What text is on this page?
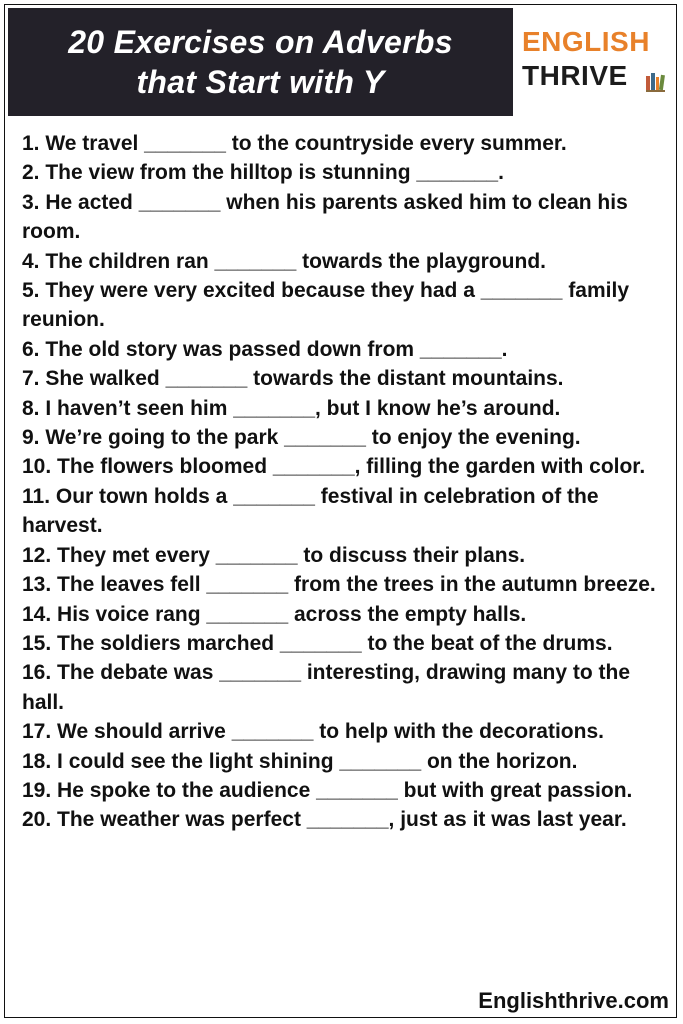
20 Exercises on Adverbs
that Start with Y
ENGLISH
THRIVE
1. We travel _______ to the countryside every summer.
2. The view from the hilltop is stunning _______.
3. He acted _______ when his parents asked him to clean his room.
4. The children ran _______ towards the playground.
5. They were very excited because they had a _______ family reunion.
6. The old story was passed down from _______.
7. She walked _______ towards the distant mountains.
8. I haven’t seen him _______, but I know he’s around.
9. We’re going to the park _______ to enjoy the evening.
10. The flowers bloomed _______, filling the garden with color.
11. Our town holds a _______ festival in celebration of the harvest.
12. They met every _______ to discuss their plans.
13. The leaves fell _______ from the trees in the autumn breeze.
14. His voice rang _______ across the empty halls.
15. The soldiers marched _______ to the beat of the drums.
16. The debate was _______ interesting, drawing many to the hall.
17. We should arrive _______ to help with the decorations.
18. I could see the light shining _______ on the horizon.
19. He spoke to the audience _______ but with great passion.
20. The weather was perfect _______, just as it was last year.
Englishthrive.com
